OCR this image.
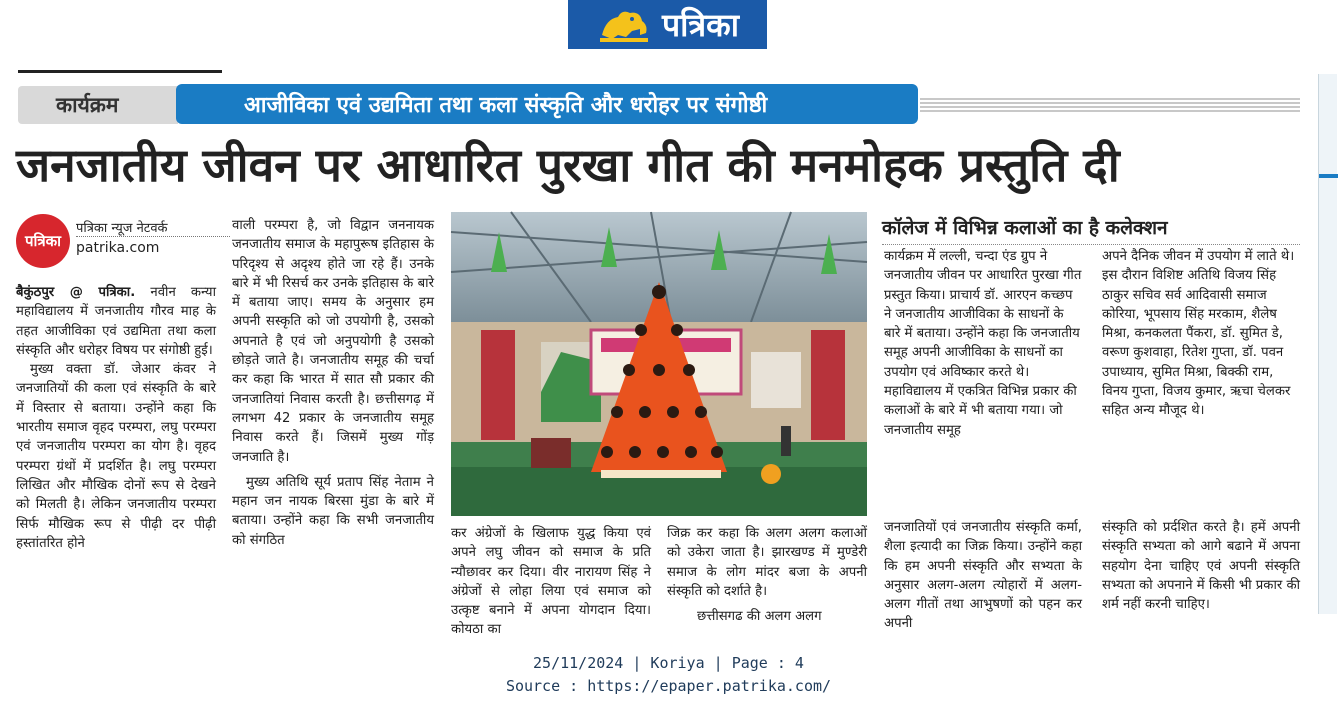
पत्रिका
कार्यक्रम	आजीविका एवं उद्यमिता तथा कला संस्कृति और धरोहर पर संगोष्ठी
जनजातीय जीवन पर आधारित पुरखा गीत की मनमोहक प्रस्तुति दी
पत्रिका
पत्रिका न्यूज नेटवर्क
patrika.com

बैकुंठपुर @ पत्रिका. नवीन कन्या महाविद्यालय में जनजातीय गौरव माह के तहत आजीविका एवं उद्यमिता तथा कला संस्कृति और धरोहर विषय पर संगोष्ठी हुई।

मुख्य वक्ता डॉ. जेआर कंवर ने जनजातियों की कला एवं संस्कृति के बारे में विस्तार से बताया। उन्होंने कहा कि भारतीय समाज वृहद परम्परा, लघु परम्परा एवं जनजातीय परम्परा का योग है। वृहद परम्परा ग्रंथों में प्रदर्शित है। लघु परम्परा लिखित और मौखिक दोनों रूप से देखने को मिलती है। लेकिन जनजातीय परम्परा सिर्फ मौखिक रूप से पीढ़ी दर पीढ़ी हस्तांतरित होने

वाली परम्परा है, जो विद्वान जननायक जनजातीय समाज के महापुरूष इतिहास के परिदृश्य से अदृश्य होते जा रहे हैं। उनके बारे में भी रिसर्च कर उनके इतिहास के बारे में बताया जाए। समय के अनुसार हम अपनी सस्कृति को जो उपयोगी है, उसको अपनाते है एवं जो अनुपयोगी है उसको छोड़ते जाते है। जनजातीय समूह की चर्चा कर कहा कि भारत में सात सौ प्रकार की जनजातियां निवास करती है। छत्तीसगढ़ में लगभग 42 प्रकार के जनजातीय समूह निवास करते हैं। जिसमें मुख्य गोंड़ जनजाति है।

मुख्य अतिथि सूर्य प्रताप सिंह नेताम ने महान जन नायक बिरसा मुंडा के बारे में बताया। उन्होंने कहा कि सभी जनजातीय को संगठित	कर अंग्रेजों के खिलाफ युद्ध किया एवं अपने लघु जीवन को समाज के प्रति न्यौछावर कर दिया। वीर नारायण सिंह ने अंग्रेजों से लोहा लिया एवं समाज को उत्कृष्ट बनाने में अपना योगदान दिया। कोयठा का

जिक्र कर कहा कि अलग अलग कलाओं को उकेरा जाता है। झारखण्ड में मुण्डेरी समाज के लोग मांदर बजा के अपनी संस्कृति को दर्शाते है।

छत्तीसगढ की अलग अलग

कॉलेज में विभिन्न कलाओं का है कलेक्शन

कार्यक्रम में लल्ली, चन्दा एंड ग्रुप ने जनजातीय जीवन पर आधारित पुरखा गीत प्रस्तुत किया। प्राचार्य डॉ. आरएन कच्छप ने जनजातीय आजीविका के साधनों के बारे में बताया। उन्होंने कहा कि जनजातीय समूह अपनी आजीविका के साधनों का उपयोग एवं अविष्कार करते थे। महाविद्यालय में एकत्रित विभिन्न प्रकार की कलाओं के बारे में भी बताया गया। जो जनजातीय समूह

अपने दैनिक जीवन में उपयोग में लाते थे। इस दौरान विशिष्ट अतिथि विजय सिंह ठाकुर सचिव सर्व आदिवासी समाज कोरिया, भूपसाय सिंह मरकाम, शैलेष मिश्रा, कनकलता पैंकरा, डॉ. सुमित डे, वरूण कुशवाहा, रितेश गुप्ता, डॉ. पवन उपाध्याय, सुमित मिश्रा, बिक्की राम, विनय गुप्ता, विजय कुमार, ऋचा चेलकर सहित अन्य मौजूद थे।

जनजातियों एवं जनजातीय संस्कृति कर्मा, शैला इत्यादी का जिक्र किया। उन्होंने कहा कि हम अपनी संस्कृति और सभ्यता के अनुसार अलग-अलग त्योहारों में अलग-अलग गीतों तथा आभुषणों को पहन कर अपनी

संस्कृति को प्रर्दशित करते है। हमें अपनी संस्कृति सभ्यता को आगे बढाने में अपना सहयोग देना चाहिए एवं अपनी संस्कृति सभ्यता को अपनाने में किसी भी प्रकार की शर्म नहीं करनी चाहिए।

25/11/2024 | Koriya | Page : 4
Source : https://epaper.patrika.com/
